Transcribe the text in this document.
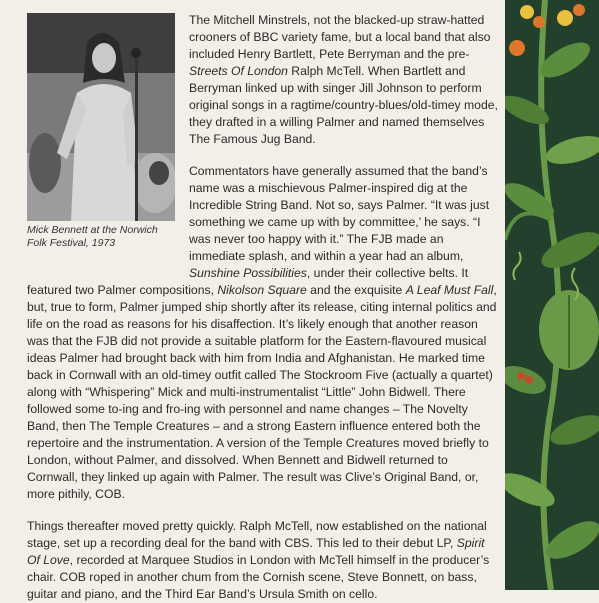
Mick Bennett at the Norwich
Folk Festival, 1973

The Mitchell Minstrels, not the blacked-up straw-hatted crooners of BBC variety fame, but a local band that also included Henry Bartlett, Pete Berryman and the pre-Streets Of London Ralph McTell. When Bartlett and Berryman linked up with singer Jill Johnson to perform original songs in a ragtime/country-blues/old-timey mode, they drafted in a willing Palmer and named themselves The Famous Jug Band.

Commentators have generally assumed that the band’s name was a mischievous Palmer-inspired dig at the Incredible String Band. Not so, says Palmer. “It was just something we came up with by committee,’ he says. “I was never too happy with it.” The FJB made an immediate splash, and within a year had an album, Sunshine Possibilities, under their collective belts. It featured two Palmer compositions, Nikolson Square and the exquisite A Leaf Must Fall, but, true to form, Palmer jumped ship shortly after its release, citing internal politics and life on the road as reasons for his disaffection. It’s likely enough that another reason was that the FJB did not provide a suitable platform for the Eastern-flavoured musical ideas Palmer had brought back with him from India and Afghanistan. He marked time back in Cornwall with an old-timey outfit called The Stockroom Five (actually a quartet) along with “Whispering” Mick and multi-instrumentalist “Little” John Bidwell. There followed some to-ing and fro-ing with personnel and name changes – The Novelty Band, then The Temple Creatures – and a strong Eastern influence entered both the repertoire and the instrumentation. A version of the Temple Creatures moved briefly to London, without Palmer, and dissolved. When Bennett and Bidwell returned to Cornwall, they linked up again with Palmer. The result was Clive’s Original Band, or, more pithily, COB.

Things thereafter moved pretty quickly. Ralph McTell, now established on the national stage, set up a recording deal for the band with CBS. This led to their debut LP, Spirit Of Love, recorded at Marquee Studios in London with McTell himself in the producer’s chair. COB roped in another chum from the Cornish scene, Steve Bonnett, on bass, guitar and piano, and the Third Ear Band’s Ursula Smith on cello.
